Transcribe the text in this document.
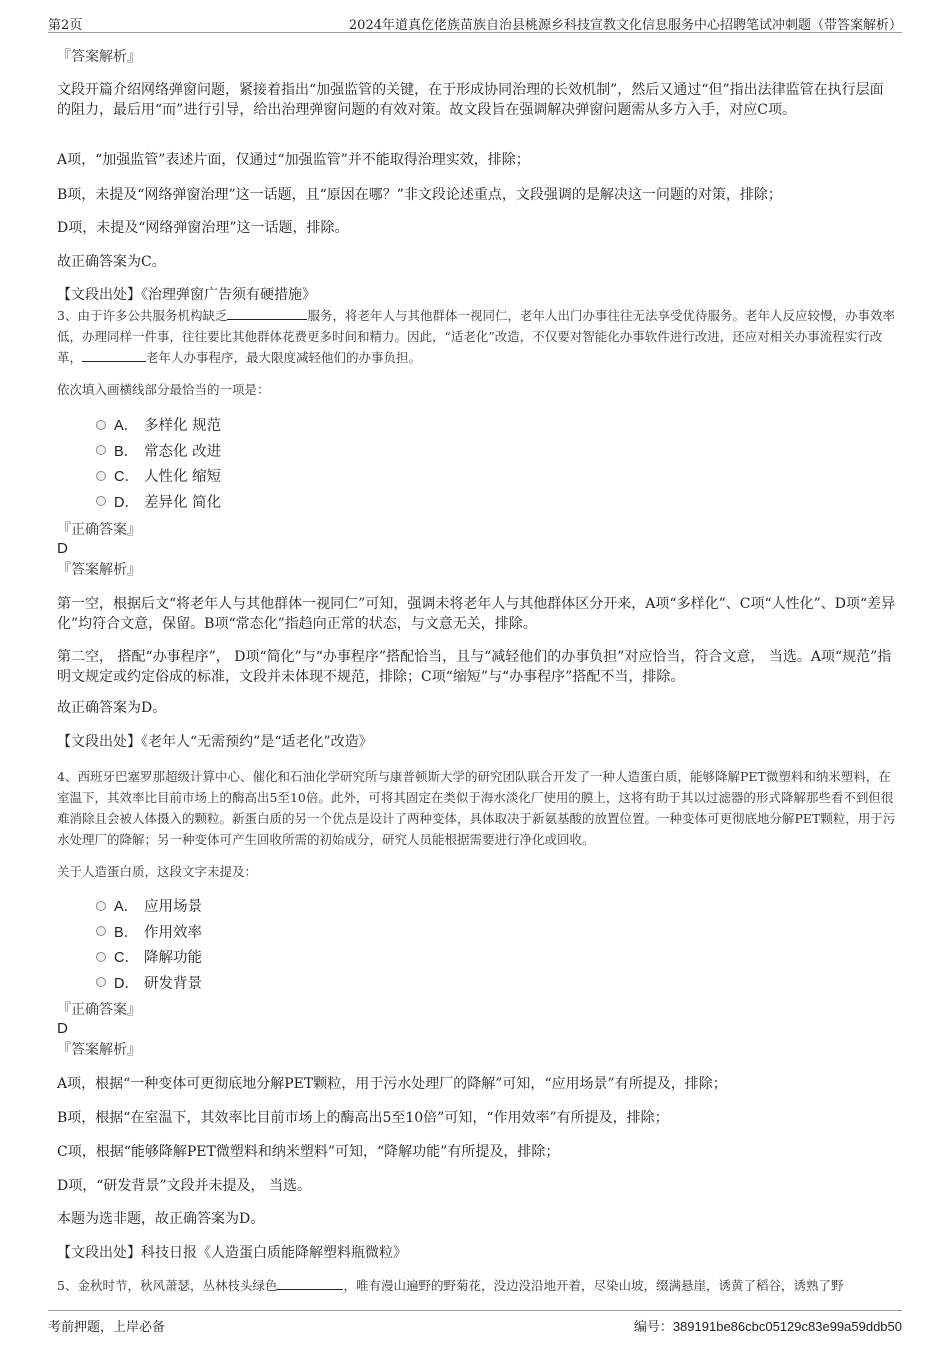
第2页	2024年道真仡佬族苗族自治县桃源乡科技宣教文化信息服务中心招聘笔试冲刺题（带答案解析）
『答案解析』

文段开篇介绍网络弹窗问题，紧接着指出“加强监管的关键，在于形成协同治理的长效机制”，然后又通过“但”指出法律监管在执行层面的阻力，最后用“而”进行引导，给出治理弹窗问题的有效对策。故文段旨在强调解决弹窗问题需从多方入手，对应C项。

A项，“加强监管”表述片面，仅通过“加强监管”并不能取得治理实效，排除；

B项，未提及“网络弹窗治理”这一话题，且“原因在哪？”非文段论述重点，文段强调的是解决这一问题的对策，排除；

D项，未提及“网络弹窗治理”这一话题，排除。

故正确答案为C。

【文段出处】《治理弹窗广告须有硬措施》

3、由于许多公共服务机构缺乏	服务，将老年人与其他群体一视同仁，老年人出门办事往往无法享受优待服务。老年人反应较慢，办事效率低，办理同样一件事，往往要比其他群体花费更多时间和精力。因此，“适老化”改造，不仅要对智能化办事软件进行改进，还应对相关办事流程实行改革，	老年人办事程序，最大限度减轻他们的办事负担。

依次填入画横线部分最恰当的一项是：

A． 多样化 规范
B． 常态化 改进
C． 人性化 缩短
D． 差异化 简化
『正确答案』
D
『答案解析』

第一空，根据后文“将老年人与其他群体一视同仁”可知，强调未将老年人与其他群体区分开来，A项“多样化”、C项“人性化”、D项“差异化”均符合文意，保留。B项“常态化”指趋向正常的状态，与文意无关，排除。

第二空， 搭配“办事程序”， D项“简化”与“办事程序”搭配恰当，且与“减轻他们的办事负担”对应恰当，符合文意， 当选。A项“规范”指明文规定或约定俗成的标准，文段并未体现不规范，排除；C项“缩短”与“办事程序”搭配不当，排除。

故正确答案为D。

【文段出处】《老年人“无需预约”是“适老化”改造》

4、西班牙巴塞罗那超级计算中心、催化和石油化学研究所与康普顿斯大学的研究团队联合开发了一种人造蛋白质，能够降解PET微塑料和纳米塑料，在室温下，其效率比目前市场上的酶高出5至10倍。此外，可将其固定在类似于海水淡化厂使用的膜上，这将有助于其以过滤器的形式降解那些看不到但很难消除且会被人体摄入的颗粒。新蛋白质的另一个优点是设计了两种变体，具体取决于新氨基酸的放置位置。一种变体可更彻底地分解PET颗粒，用于污水处理厂的降解；另一种变体可产生回收所需的初始成分，研究人员能根据需要进行净化或回收。

关于人造蛋白质，这段文字未提及：

A． 应用场景
B． 作用效率
C． 降解功能
D． 研发背景
『正确答案』
D
『答案解析』

A项，根据“一种变体可更彻底地分解PET颗粒，用于污水处理厂的降解”可知，“应用场景”有所提及，排除；

B项，根据“在室温下，其效率比目前市场上的酶高出5至10倍”可知，“作用效率”有所提及，排除；

C项，根据“能够降解PET微塑料和纳米塑料”可知，“降解功能”有所提及，排除；

D项，“研发背景”文段并未提及， 当选。

本题为选非题，故正确答案为D。

【文段出处】科技日报《人造蛋白质能降解塑料瓶微粒》

5、金秋时节，秋风萧瑟，丛林枝头绿色	，唯有漫山遍野的野菊花，没边没沿地开着，尽染山坡，缀满悬崖，诱黄了稻谷，诱熟了野

考前押题，上岸必备	编号：389191be86cbc05129c83e99a59ddb50
